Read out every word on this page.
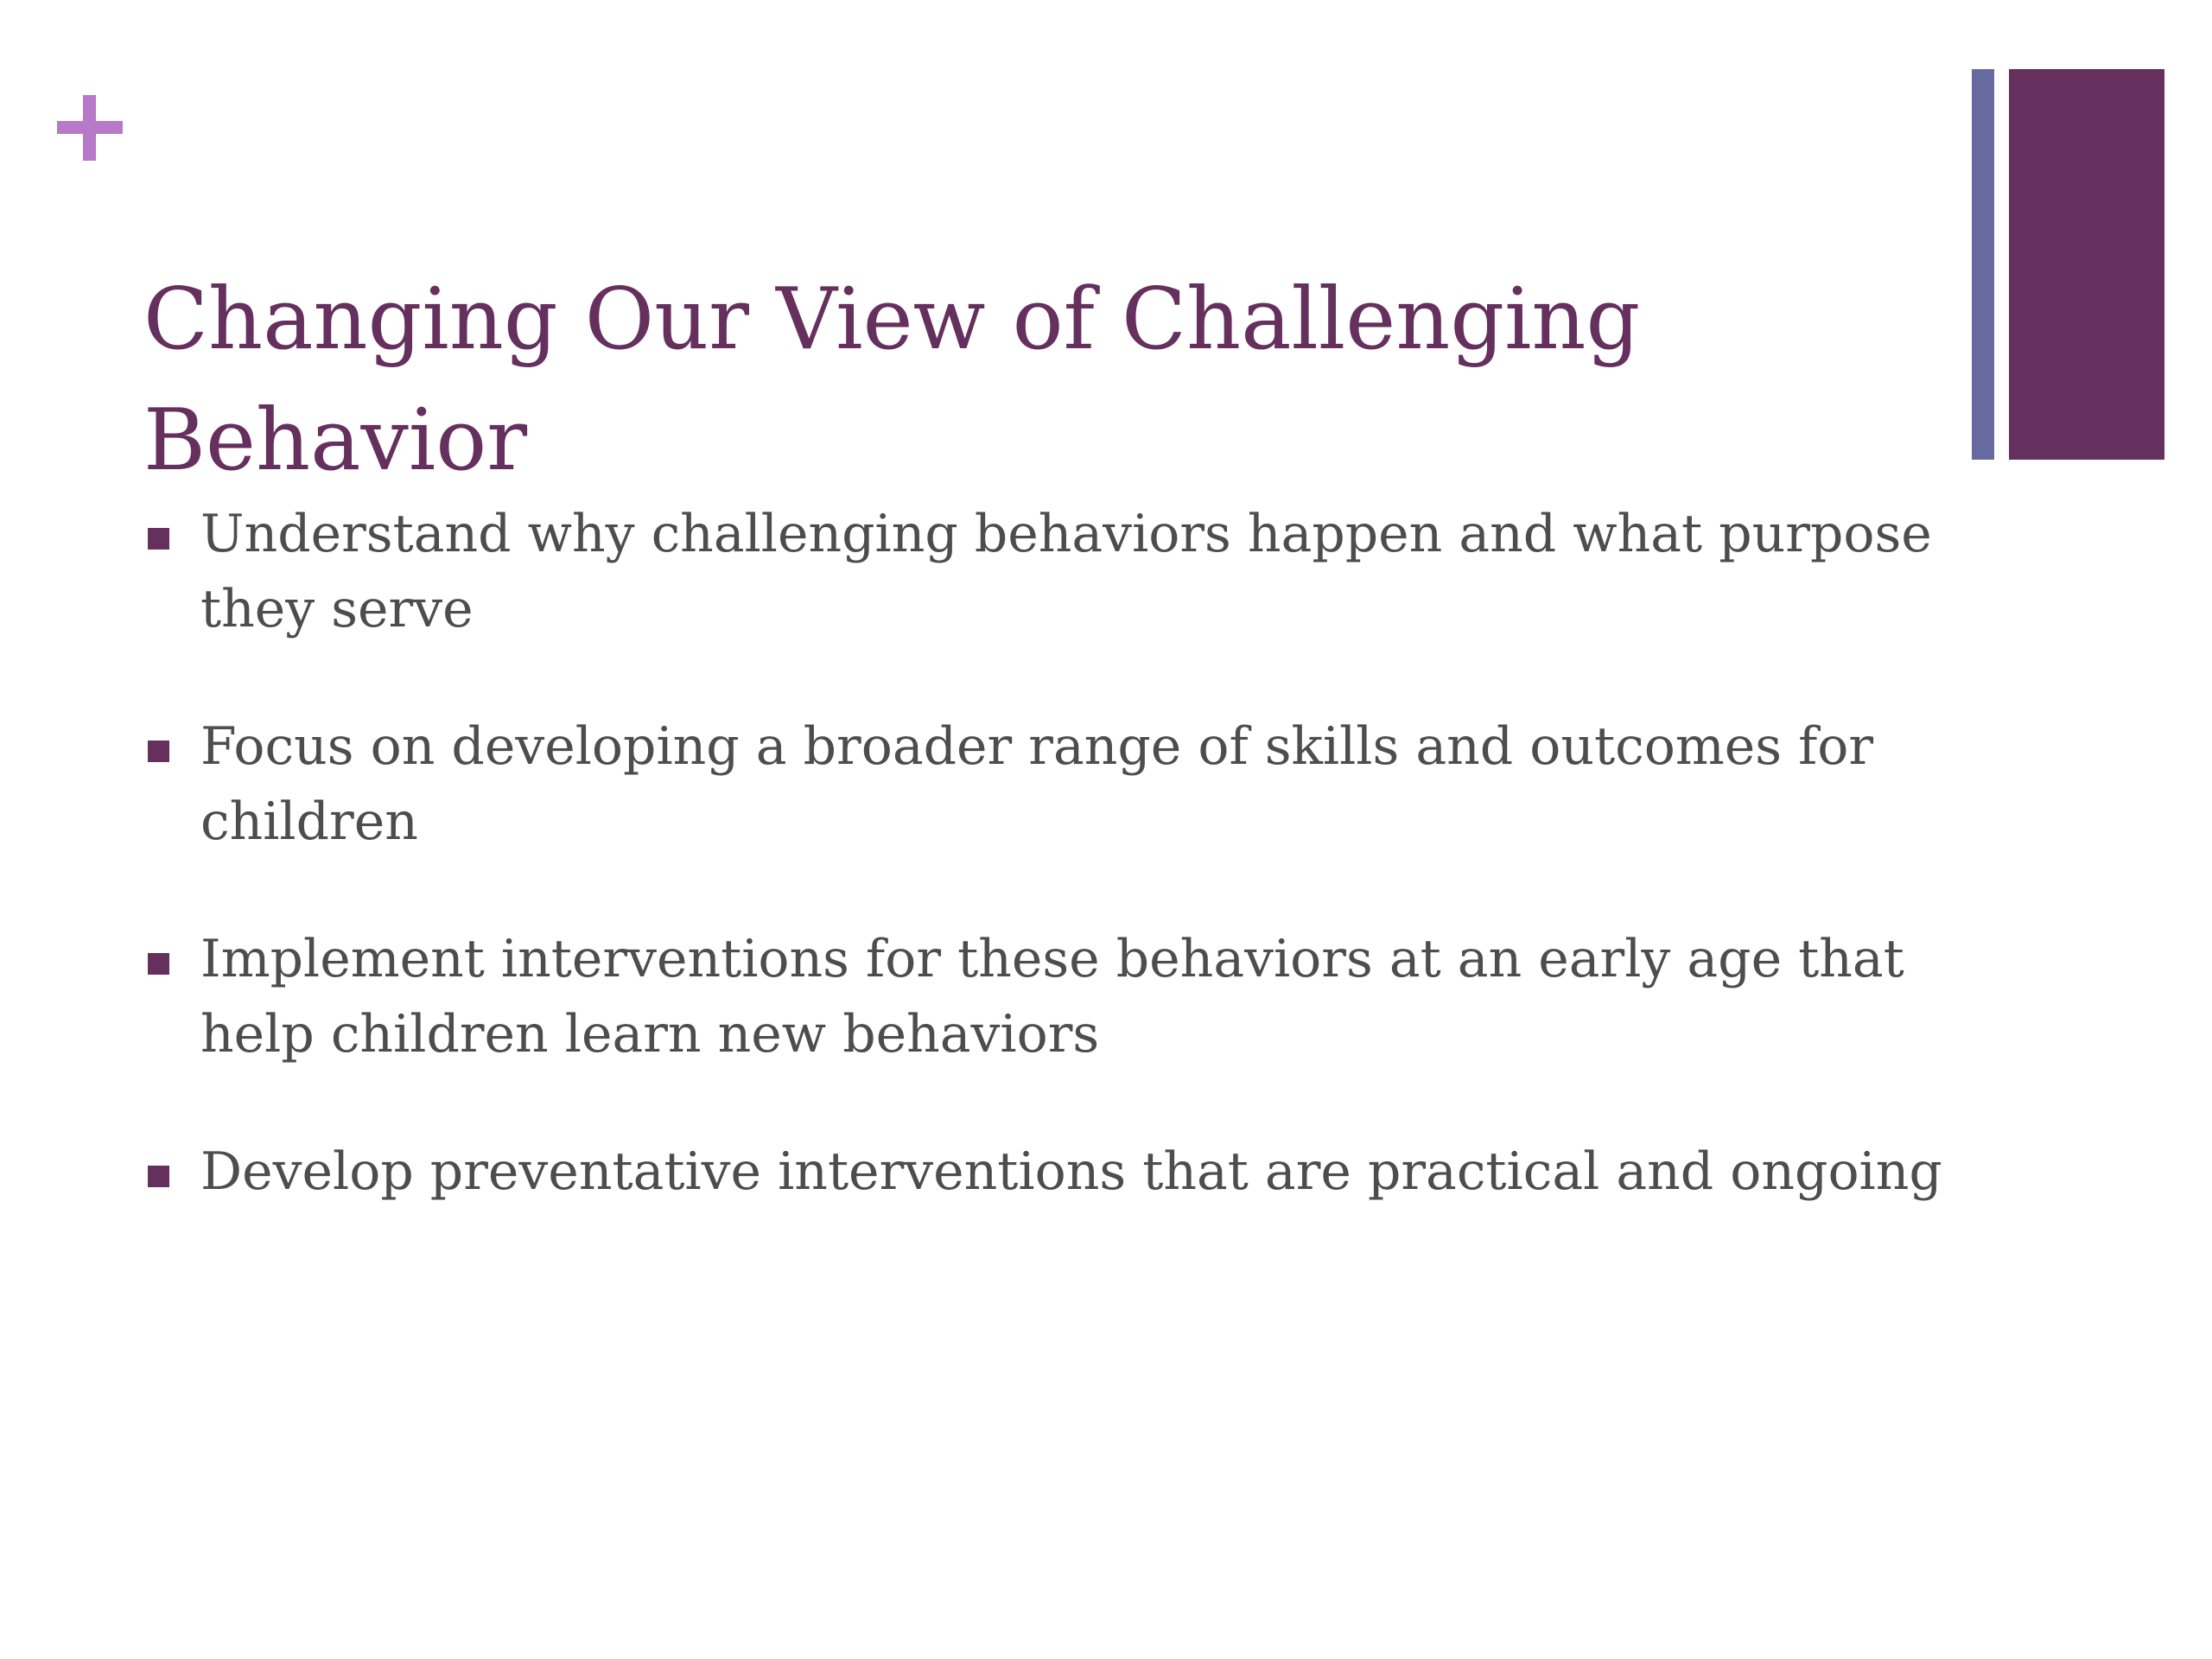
Changing Our View of Challenging Behavior
Understand why challenging behaviors happen and what purpose they serve
Focus on developing a broader range of skills and outcomes for children
Implement interventions for these behaviors at an early age that help children learn new behaviors
Develop preventative interventions that are practical and ongoing
